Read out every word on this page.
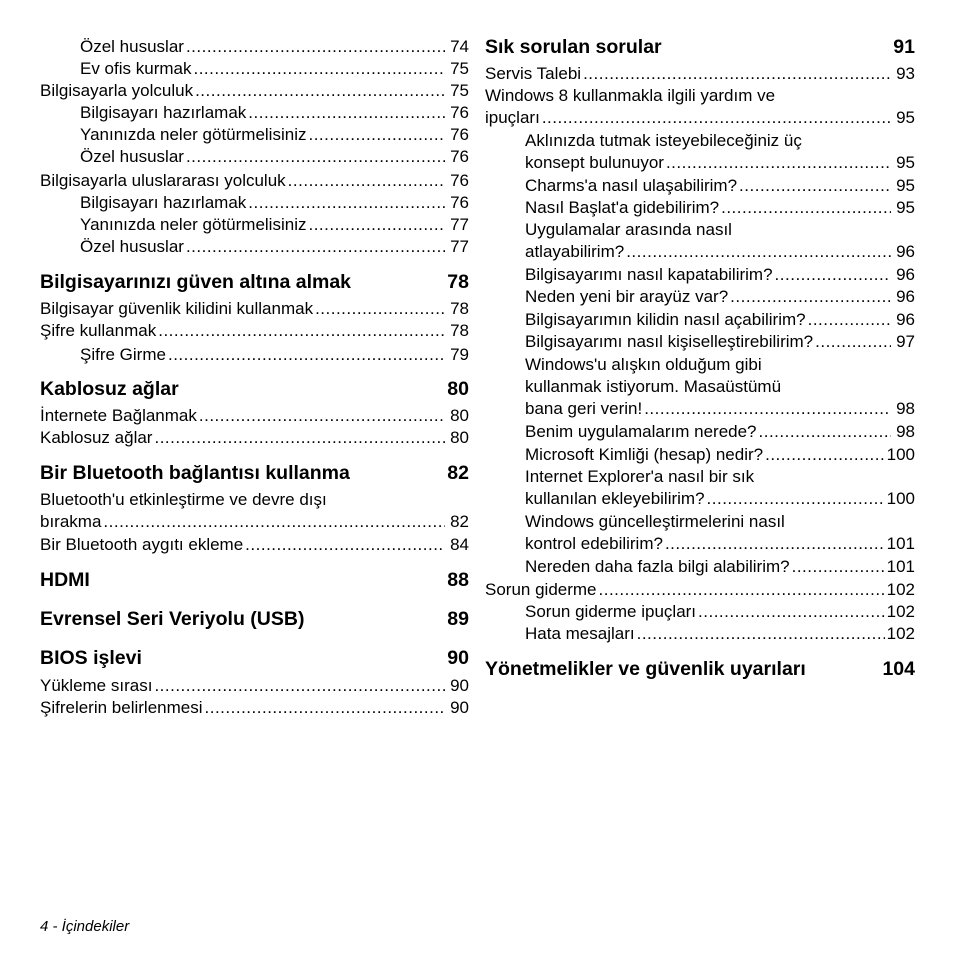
Özel hususlar .....	74
Ev ofis kurmak .....	75
Bilgisayarla yolculuk .....	75
Bilgisayarı hazırlamak .....	76
Yanınızda neler götürmelisiniz .....	76
Özel hususlar .....	76
Bilgisayarla uluslararası yolculuk .....	76
Bilgisayarı hazırlamak .....	76
Yanınızda neler götürmelisiniz .....	77
Özel hususlar .....	77
Bilgisayarınızı güven altına almak	78
Bilgisayar güvenlik kilidini kullanmak .....	78
Şifre kullanmak .....	78
Şifre Girme .....	79
Kablosuz ağlar	80
İnternete Bağlanmak .....	80
Kablosuz ağlar .....	80
Bir Bluetooth bağlantısı kullanma	82
Bluetooth'u etkinleştirme ve devre dışı
bırakma .....	82
Bir Bluetooth aygıtı ekleme .....	84
HDMI	88
Evrensel Seri Veriyolu (USB)	89
BIOS işlevi	90
Yükleme sırası .....	90
Şifrelerin belirlenmesi .....	90
Sık sorulan sorular	91
Servis Talebi .....	93
Windows 8 kullanmakla ilgili yardım ve
ipuçları .....	95
Aklınızda tutmak isteyebileceğiniz üç
konsept bulunuyor .....	95
Charms'a nasıl ulaşabilirim? .....	95
Nasıl Başlat'a gidebilirim? .....	95
Uygulamalar arasında nasıl
atlayabilirim? .....	96
Bilgisayarımı nasıl kapatabilirim? .....	96
Neden yeni bir arayüz var? .....	96
Bilgisayarımın kilidin nasıl açabilirim? .....	96
Bilgisayarımı nasıl kişiselleştirebilirim? .....	97
Windows'u alışkın olduğum gibi
kullanmak istiyorum. Masaüstümü
bana geri verin! .....	98
Benim uygulamalarım nerede? .....	98
Microsoft Kimliği (hesap) nedir? .....	100
Internet Explorer'a nasıl bir sık
kullanılan ekleyebilirim? .....	100
Windows güncelleştirmelerini nasıl
kontrol edebilirim? .....	101
Nereden daha fazla bilgi alabilirim? .....	101
Sorun giderme .....	102
Sorun giderme ipuçları .....	102
Hata mesajları .....	102
Yönetmelikler ve güvenlik uyarıları	104
4 - İçindekiler
